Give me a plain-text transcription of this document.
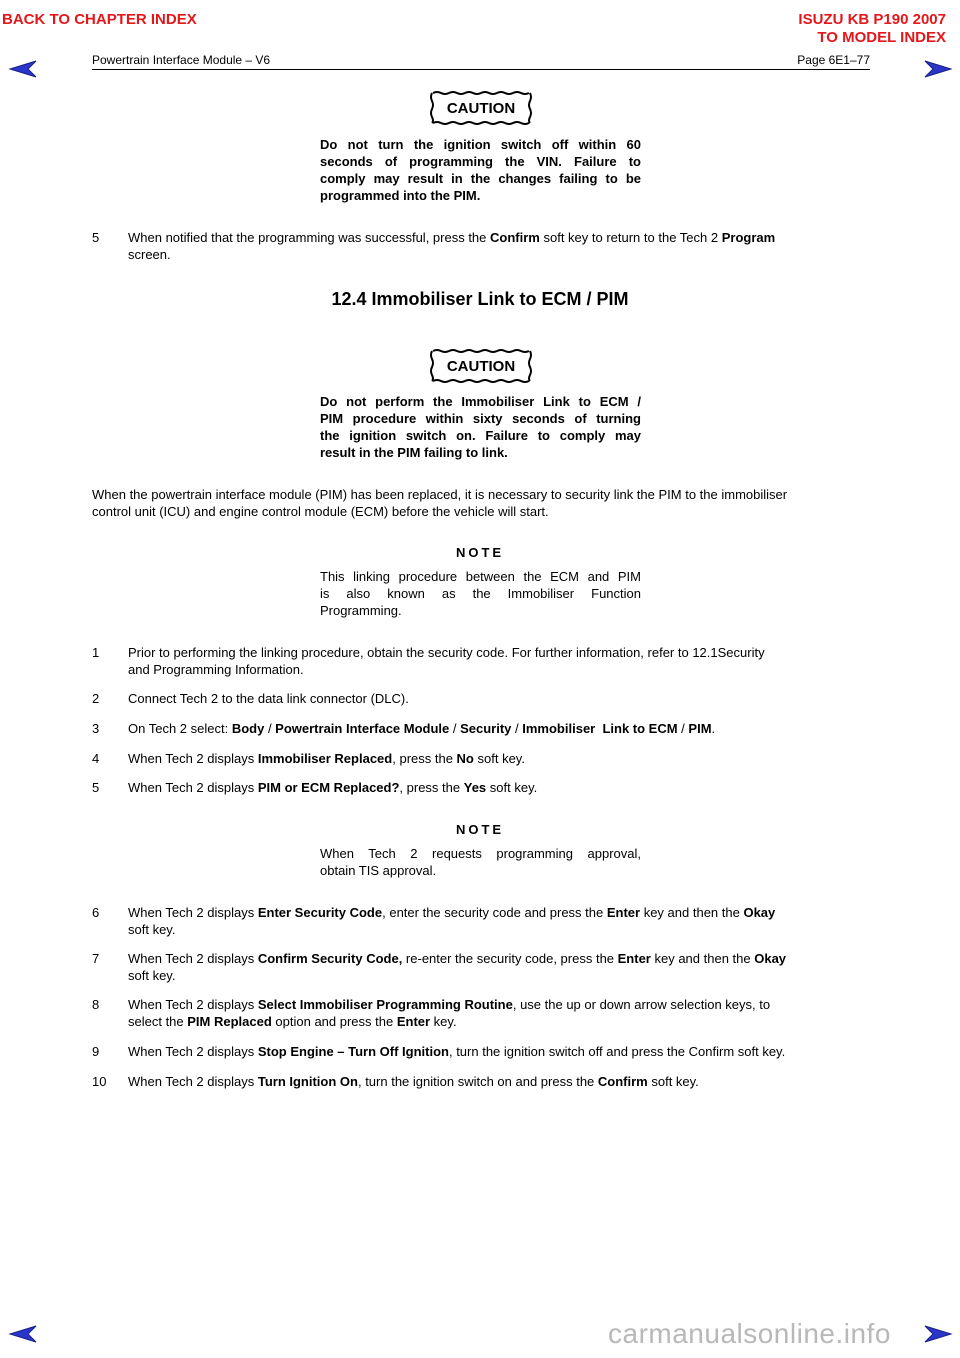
BACK TO CHAPTER INDEX	ISUZU KB P190 2007
TO MODEL INDEX
Powertrain Interface Module – V6	Page 6E1–77
CAUTION
Do not turn the ignition switch off within 60
seconds of programming the VIN. Failure to
comply may result in the changes failing to be
programmed into the PIM.
5 When notified that the programming was successful, press the Confirm soft key to return to the Tech 2 Program
screen.
12.4 Immobiliser Link to ECM / PIM
CAUTION
Do not perform the Immobiliser Link to ECM /
PIM procedure within sixty seconds of turning
the ignition switch on. Failure to comply may
result in the PIM failing to link.
When the powertrain interface module (PIM) has been replaced, it is necessary to security link the PIM to the immobiliser
control unit (ICU) and engine control module (ECM) before the vehicle will start.
NOTE
This linking procedure between the ECM and PIM
is also known as the Immobiliser Function
Programming.
1 Prior to performing the linking procedure, obtain the security code. For further information, refer to 12.1Security
and Programming Information.
2 Connect Tech 2 to the data link connector (DLC).
3 On Tech 2 select: Body / Powertrain Interface Module / Security / Immobiliser  Link to ECM / PIM.
4 When Tech 2 displays Immobiliser Replaced, press the No soft key.
5 When Tech 2 displays PIM or ECM Replaced?, press the Yes soft key.
NOTE
When Tech 2 requests programming approval,
obtain TIS approval.
6 When Tech 2 displays Enter Security Code, enter the security code and press the Enter key and then the Okay
soft key.
7 When Tech 2 displays Confirm Security Code, re-enter the security code, press the Enter key and then the Okay
soft key.
8 When Tech 2 displays Select Immobiliser Programming Routine, use the up or down arrow selection keys, to
select the PIM Replaced option and press the Enter key.
9 When Tech 2 displays Stop Engine – Turn Off Ignition, turn the ignition switch off and press the Confirm soft key.
10 When Tech 2 displays Turn Ignition On, turn the ignition switch on and press the Confirm soft key.
carmanualsonline.info
